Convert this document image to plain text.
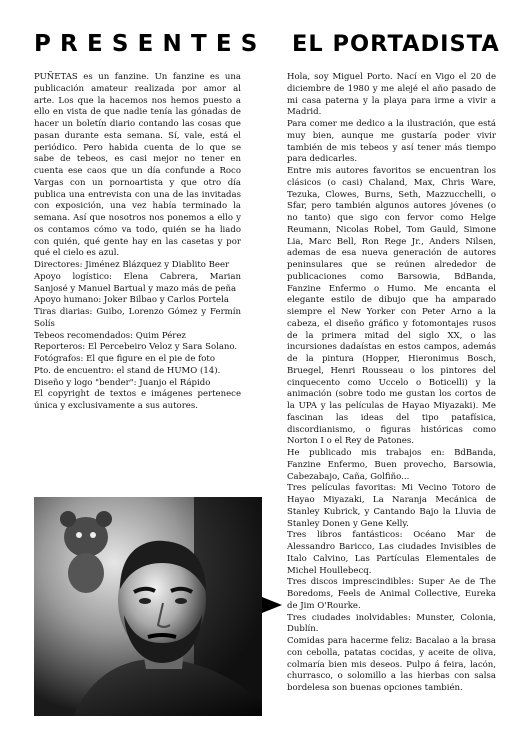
PRESENTES EL PORTADISTA

PUÑETAS es un fanzine. Un fanzine es una publicación amateur realizada por amor al arte. Los que la hacemos nos hemos puesto a ello en vista de que nadie tenía las gónadas de hacer un boletín diario contando las cosas que pasan durante esta semana. Sí, vale, está el periódico. Pero habida cuenta de lo que se sabe de tebeos, es casi mejor no tener en cuenta ese caos que un día confunde a Roco Vargas con un pornoartista y que otro día publica una entrevista con una de las invitadas con exposición, una vez había terminado la semana. Así que nosotros nos ponemos a ello y os contamos cómo va todo, quién se ha liado con quién, qué gente hay en las casetas y por qué el cielo es azul.

Directores: Jiménez Blázquez y Diablito Beer
Apoyo logístico: Elena Cabrera, Marian Sanjosé y Manuel Bartual y mazo más de peña
Apoyo humano: Joker Bilbao y Carlos Portela
Tiras diarias: Guibo, Lorenzo Gómez y Fermín Solís
Tebeos recomendados: Quim Pérez
Reporteros: El Percebeiro Veloz y Sara Solano.
Fotógrafos: El que figure en el pie de foto
Pto. de encuentro: el stand de HUMO (14).
Diseño y logo "bender": Juanjo el Rápido
El copyright de textos e imágenes pertenece única y exclusivamente a sus autores.

Hola, soy Miguel Porto. Nací en Vigo el 20 de diciembre de 1980 y me alejé el año pasado de mi casa paterna y la playa para irme a vivir a Madrid.

Para comer me dedico a la ilustración, que está muy bien, aunque me gustaría poder vivir también de mis tebeos y así tener más tiempo para dedicarles.

Entre mis autores favoritos se encuentran los clásicos (o casi) Chaland, Max, Chris Ware, Tezuka, Clowes, Burns, Seth, Mazzucchelli, o Sfar, pero también algunos autores jóvenes (o no tanto) que sigo con fervor como Helge Reumann, Nicolas Robel, Tom Gauld, Simone Lia, Marc Bell, Ron Rege Jr., Anders Nilsen, ademas de esa nueva generación de autores peninsulares que se reúnen alrededor de publicaciones como Barsowia, BdBanda, Fanzine Enfermo o Humo. Me encanta el elegante estilo de dibujo que ha amparado siempre el New Yorker con Peter Arno a la cabeza, el diseño gráfico y fotomontajes rusos de la primera mitad del siglo XX, o las incursiones dadaístas en estos campos, además de la pintura (Hopper, Hieronimus Bosch, Bruegel, Henri Rousseau o los pintores del cinquecento como Uccelo o Boticelli) y la animación (sobre todo me gustan los cortos de la UPA y las películas de Hayao Miyazaki). Me fascinan las ideas del tipo patafísica, discordianismo, o figuras históricas como Norton I o el Rey de Patones.

He publicado mis trabajos en: BdBanda, Fanzine Enfermo, Buen provecho, Barsowia, Cabezabajo, Caña, Golfiño...

Tres películas favoritas: Mi Vecino Totoro de Hayao Miyazaki, La Naranja Mecánica de Stanley Kubrick, y Cantando Bajo la Lluvia de Stanley Donen y Gene Kelly.

Tres libros fantásticos: Océano Mar de Alessandro Baricco, Las ciudades Invisibles de Italo Calvino, Las Partículas Elementales de Michel Houllebecq.

Tres discos imprescindibles: Super Ae de The Boredoms, Feels de Animal Collective, Eureka de Jim O'Rourke.

Tres ciudades inolvidables: Munster, Colonia, Dublín.

Comidas para hacerme feliz: Bacalao a la brasa con cebolla, patatas cocidas, y aceite de oliva, colmaría bien mis deseos. Pulpo á feira, lacón, churrasco, o solomillo a las hierbas con salsa bordelesa son buenas opciones también.
